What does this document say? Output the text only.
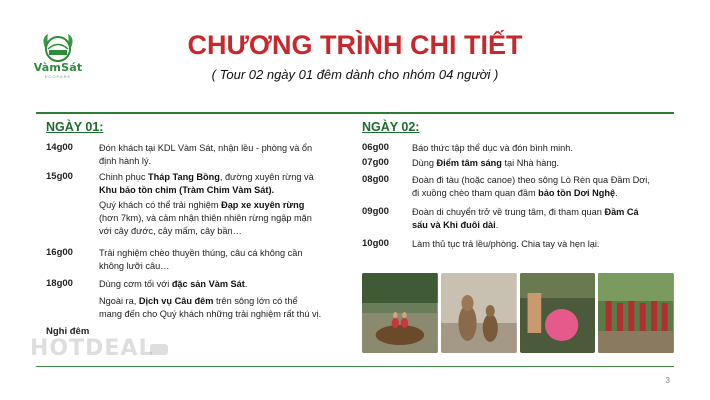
VàmSát
ECOPARK
CHƯƠNG TRÌNH CHI TIẾT
( Tour 02 ngày 01 đêm dành cho nhóm 04 người )
NGÀY 01:
14g00	Đón khách tại KDL Vàm Sát, nhận lều - phòng và ổn
định hành lý.
15g00	Chinh phục Tháp Tang Bồng, đường xuyên rừng và
Khu bảo tồn chim (Tràm Chim Vàm Sát).
Quý khách có thể trải nghiệm Đạp xe xuyên rừng
(hơn 7km), và cảm nhận thiên nhiên rừng ngập mặn
với cây đước, cây mấm, cây bần…
16g00	Trải nghiệm chèo thuyền thúng, câu cá không cần
không lưỡi câu…
18g00	Dùng cơm tối với đặc sản Vàm Sát.
Ngoài ra, Dịch vụ Câu đêm trên sông lớn có thể
mang đến cho Quý khách những trải nghiệm rất thú vị.
Nghỉ đêm
NGÀY 02:
06g00	Báo thức tập thể dục và đón bình minh.
07g00	Dùng Điểm tâm sáng tại Nhà hàng.
08g00	Đoàn đi tàu (hoặc canoe) theo sông Lò Rèn qua Đầm Dơi,
đi xuồng chèo tham quan đầm bảo tồn Dơi Nghệ.
09g00	Đoàn di chuyển trở về trung tâm, đi tham quan Đầm Cá
sấu và Khỉ đuôi dài.
10g00	Làm thủ tục trả lều/phòng. Chia tay và hẹn lại.
HOTDEAL
3
